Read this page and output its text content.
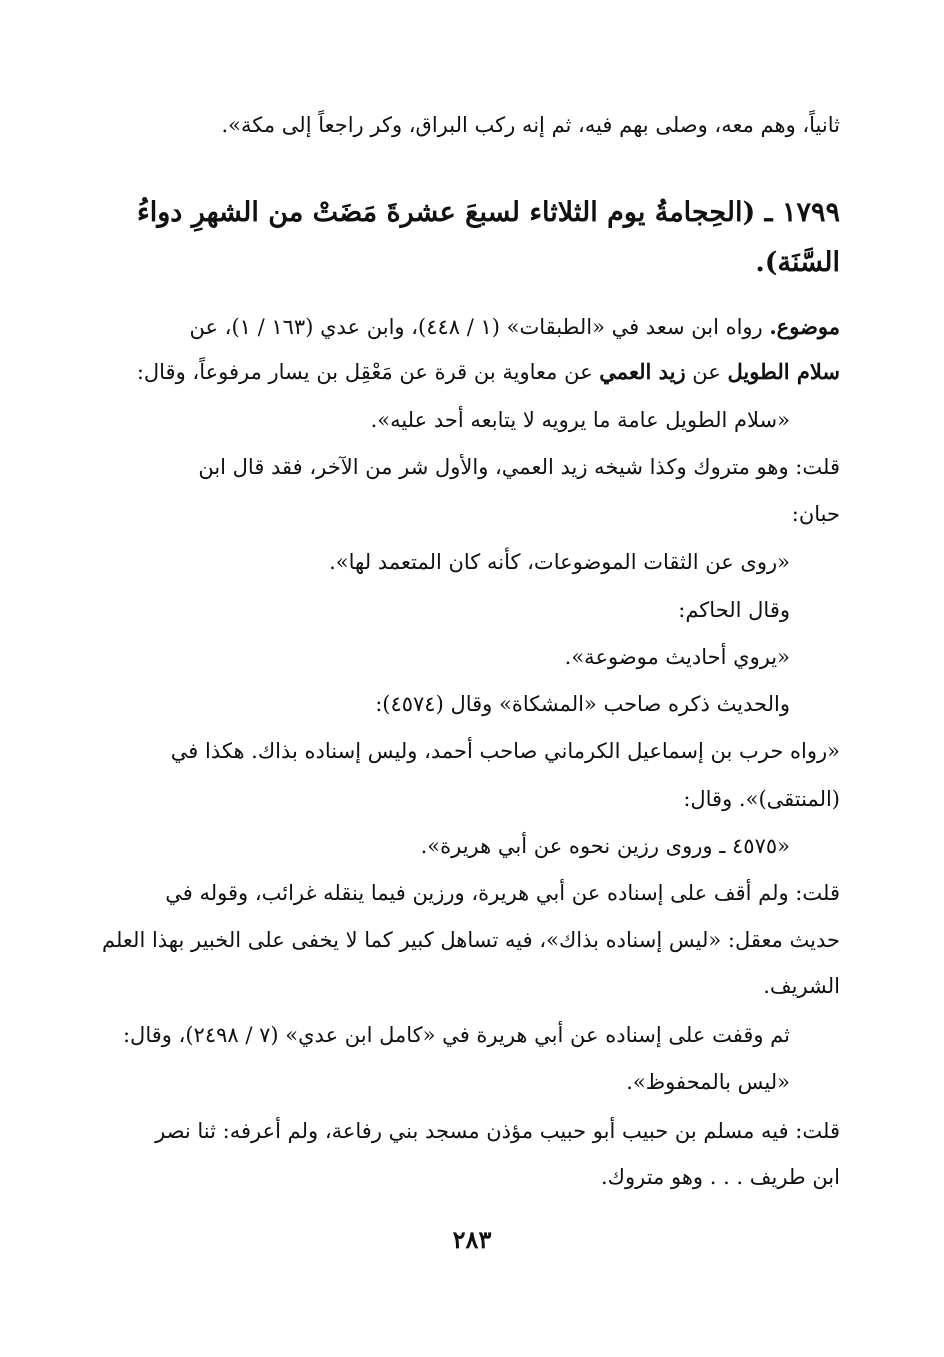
ثانياً، وهم معه، وصلى بهم فيه، ثم إنه ركب البراق، وكر راجعاً إلى مكة».
١٧٩٩ ـ (الحِجامةُ يوم الثلاثاء لسبعَ عشرةَ مَضَتْ من الشهرِ دواءُ
السَّنَة).
موضوع. رواه ابن سعد في «الطبقات» (١ / ٤٤٨)، وابن عدي (١٦٣ / ١)، عن
سلام الطويل عن زيد العمي عن معاوية بن قرة عن مَعْقِل بن يسار مرفوعاً، وقال:
«سلام الطويل عامة ما يرويه لا يتابعه أحد عليه».
قلت: وهو متروك وكذا شيخه زيد العمي، والأول شر من الآخر، فقد قال ابن
حبان:
«روى عن الثقات الموضوعات، كأنه كان المتعمد لها».
وقال الحاكم:
«يروي أحاديث موضوعة».
والحديث ذكره صاحب «المشكاة» وقال (٤٥٧٤):
«رواه حرب بن إسماعيل الكرماني صاحب أحمد، وليس إسناده بذاك. هكذا في
(المنتقى)». وقال:
«٤٥٧٥ ـ وروى رزين نحوه عن أبي هريرة».
قلت: ولم أقف على إسناده عن أبي هريرة، ورزين فيما ينقله غرائب، وقوله في
حديث معقل: «ليس إسناده بذاك»، فيه تساهل كبير كما لا يخفى على الخبير بهذا العلم
الشريف.
ثم وقفت على إسناده عن أبي هريرة في «كامل ابن عدي» (٧ / ٢٤٩٨)، وقال:
«ليس بالمحفوظ».
قلت: فيه مسلم بن حبيب أبو حبيب مؤذن مسجد بني رفاعة، ولم أعرفه: ثنا نصر
ابن طريف . . . وهو متروك.
٢٨٣
